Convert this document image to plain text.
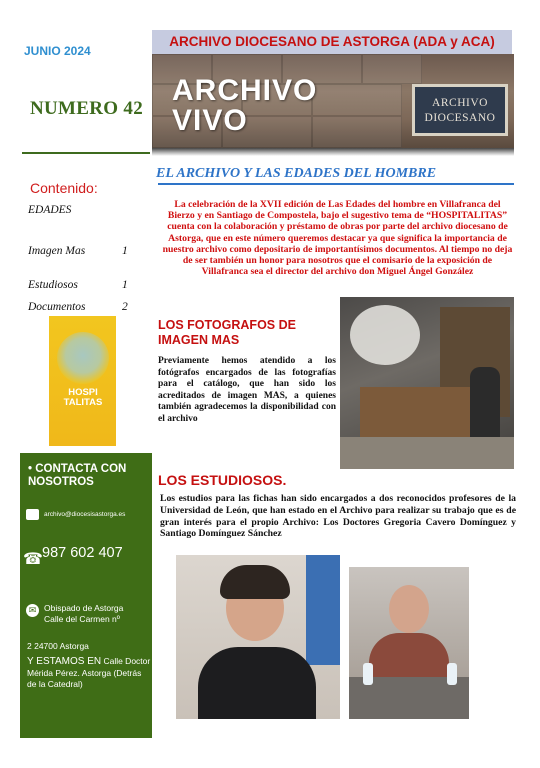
JUNIO 2024
NUMERO 42
ARCHIVO DIOCESANO DE ASTORGA (ADA y ACA)
ARCHIVO
VIVO
ARCHIVO
DIOCESANO
Contenido:
EDADES
Imagen Mas	1
Estudiosos	1
Documentos	2
HOSPI
TALITAS
• CONTACTA CON NOSOTROS
archivo@diocesisastorga.es
☎ 987 602 407
✉ Obispado de Astorga
Calle del Carmen nº
2 24700 Astorga
Y ESTAMOS EN Calle Doctor Mérida Pérez. Astorga (Detrás de la Catedral)
EL ARCHIVO Y LAS EDADES DEL HOMBRE
La celebración de la XVII edición de Las Edades del hombre en Villafranca del Bierzo y en Santiago de Compostela, bajo el sugestivo tema de “HOSPITALITAS” cuenta con la colaboración y préstamo de obras por parte del archivo diocesano de Astorga, que en este número queremos destacar ya que significa la importancia de nuestro archivo como depositario de importantísimos documentos. Al tiempo no deja de ser también un honor para nosotros que el comisario de la exposición de Villafranca sea el director del archivo don Miguel Ángel González
LOS FOTOGRAFOS DE IMAGEN MAS
Previamente hemos atendido a los fotógrafos encargados de las fotografías para el catálogo, que han sido los acreditados de imagen MAS, a quienes también agradecemos la disponibilidad con el archivo
LOS ESTUDIOSOS.
Los estudios para las fichas han sido encargados a dos reconocidos profesores de la Universidad de León, que han estado en el Archivo para realizar su trabajo que es de gran interés para el propio Archivo: Los Doctores Gregoria Cavero Domínguez y Santiago Domínguez Sánchez
